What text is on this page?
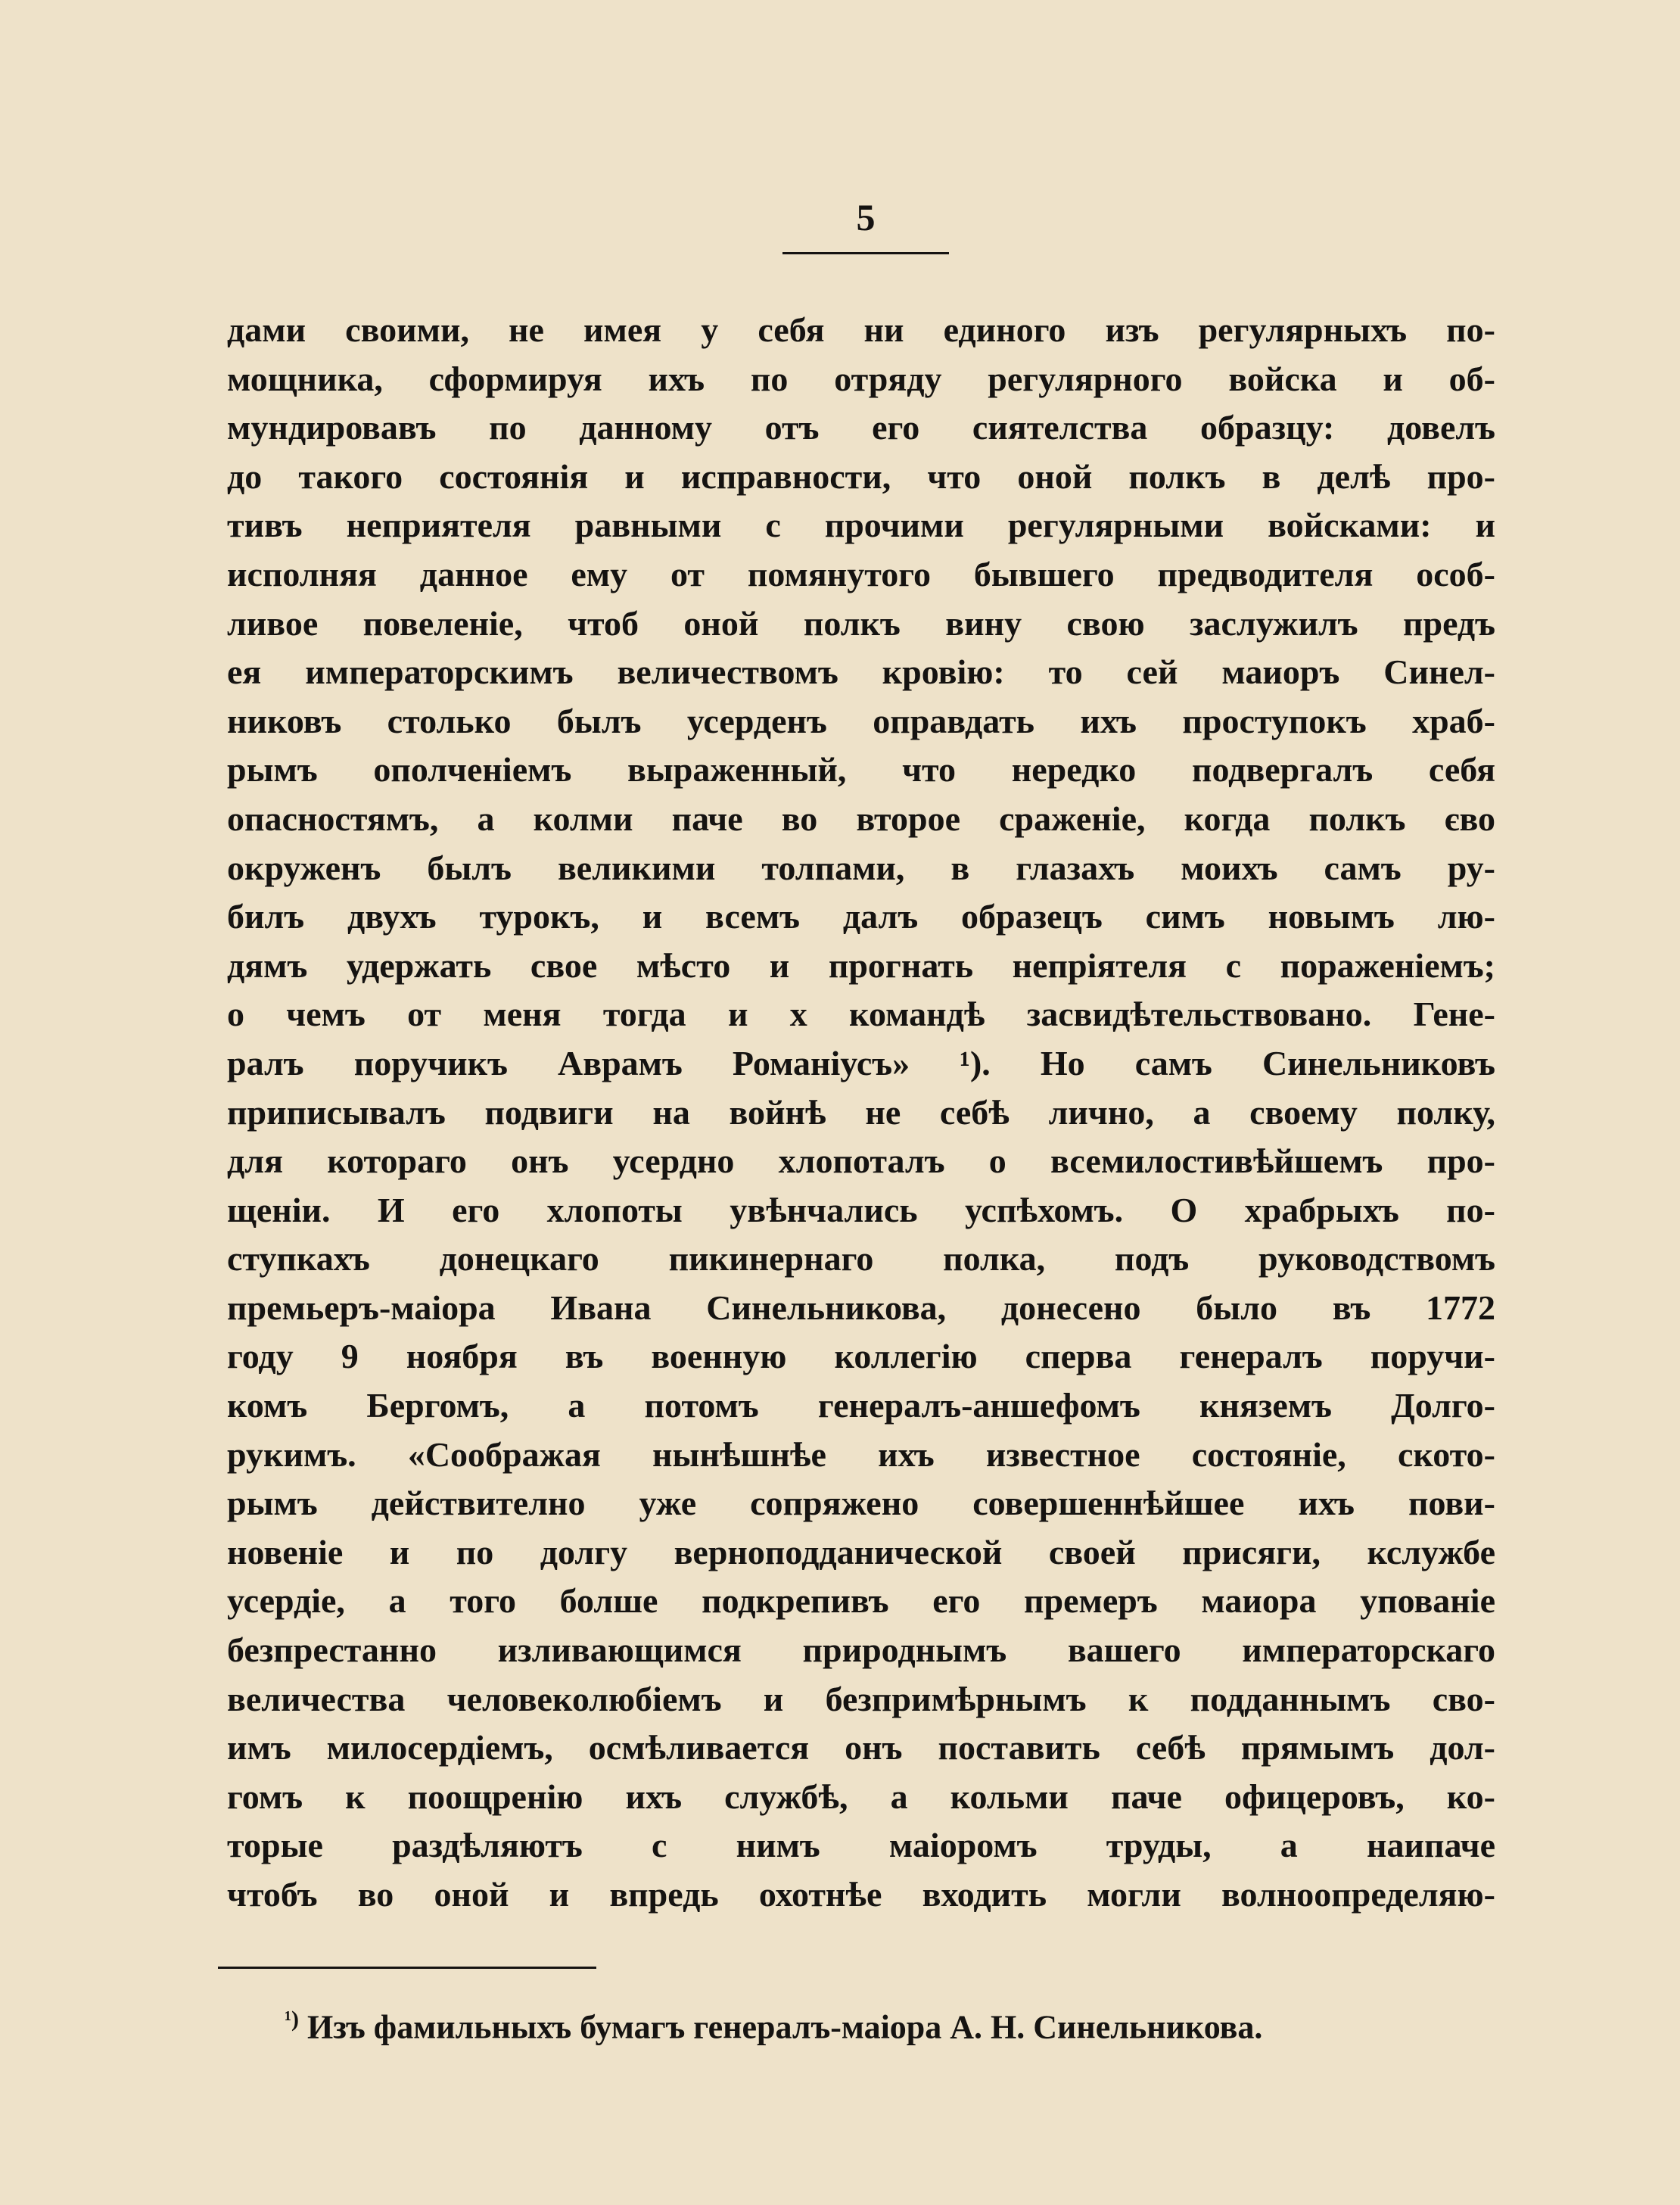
5
дами своими, не имея у себя ни единого изъ регулярныхъ по-
мощника, сформируя ихъ по отряду регулярного войска и об-
мундировавъ по данному отъ его сиятелства образцу: довелъ
до такого состоянія и исправности, что оной полкъ в делѣ про-
тивъ неприятеля равными с прочими регулярными войсками: и
исполняя данное ему от помянутого бывшего предводителя особ-
ливое повеленіе, чтоб оной полкъ вину свою заслужилъ предъ
ея императорскимъ величествомъ кровію: то сей маиоръ Синел-
никовъ столько былъ усерденъ оправдать ихъ проступокъ храб-
рымъ ополченіемъ выраженный, что нередко подвергалъ себя
опасностямъ, а колми паче во второе сраженіе, когда полкъ єво
окруженъ былъ великими толпами, в глазахъ моихъ самъ ру-
билъ двухъ турокъ, и всемъ далъ образецъ симъ новымъ лю-
дямъ удержать свое мѣсто и прогнать непріятеля с пораженіемъ;
о чемъ от меня тогда и х командѣ засвидѣтельствовано. Гене-
ралъ поручикъ Аврамъ Романіусъ» ¹). Но самъ Синельниковъ
приписывалъ подвиги на войнѣ не себѣ лично, а своему полку,
для котораго онъ усердно хлопоталъ о всемилостивѣйшемъ про-
щеніи. И его хлопоты увѣнчались успѣхомъ. О храбрыхъ по-
ступкахъ донецкаго пикинернаго полка, подъ руководствомъ
премьеръ-маіора Ивана Синельникова, донесено было въ 1772
году 9 ноября въ военную коллегію сперва генералъ поручи-
комъ Бергомъ, а потомъ генералъ-аншефомъ княземъ Долго-
рукимъ. «Соображая нынѣшнѣе ихъ известное состояніе, ското-
рымъ действително уже сопряжено совершеннѣйшее ихъ пови-
новеніе и по долгу верноподданической своей присяги, кслужбе
усердіе, а того болше подкрепивъ его премеръ маиора упованіе
безпрестанно изливающимся природнымъ вашего императорскаго
величества человеколюбіемъ и безпримѣрнымъ к подданнымъ сво-
имъ милосердіемъ, осмѣливается онъ поставить себѣ прямымъ дол-
гомъ к поощренію ихъ службѣ, а кольми паче офицеровъ, ко-
торые раздѣляютъ с нимъ маіоромъ труды, а наипаче
чтобъ во оной и впредь охотнѣе входить могли волноопределяю-
$^{^1)}$ Изъ фамильныхъ бумагъ генералъ-маіора А. Н. Синельникова.
